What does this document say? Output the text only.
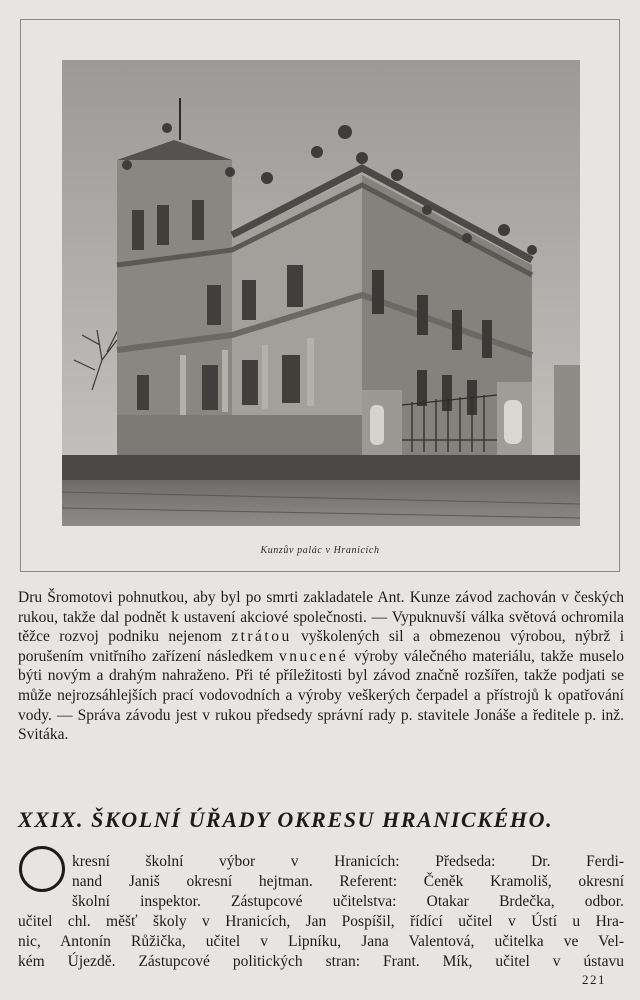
Kunzův palác v Hranicích

Dru Šromotovi pohnutkou, aby byl po smrti zakladatele Ant. Kunze závod zachován v českých rukou, takže dal podnět k ustavení akciové společnosti. — Vypuknuvší válka světová ochromila těžce rozvoj podniku nejenom ztrátou vyškolených sil a obmezenou výrobou, nýbrž i porušením vnitřního zařízení následkem vnucené výroby válečného materiálu, takže muselo býti novým a drahým nahraženo. Při té příležitosti byl závod značně rozšířen, takže podjati se může nejrozsáhlejších prací vodovodních a výroby veškerých čerpadel a přístrojů k opatřování vody. — Správa závodu jest v rukou předsedy správní rady p. stavitele Jonáše a ředitele p. inž. Svitáka.

XXIX. ŠKOLNÍ ÚŘADY OKRESU HRANICKÉHO.
kresní školní výbor v Hranicích: Předseda: Dr. Ferdi-
nand Janiš okresní hejtman. Referent: Čeněk Kramoliš, okresní
školní inspektor. Zástupcové učitelstva: Otakar Brdečka, odbor.
učitel chl. měšť školy v Hranicích, Jan Pospíšil, řídící učitel v Ústí u Hra-
nic, Antonín Růžička, učitel v Lipníku, Jana Valentová, učitelka ve Vel-
kém Újezdě. Zástupcové politických stran: Frant. Mík, učitel v ústavu
221
